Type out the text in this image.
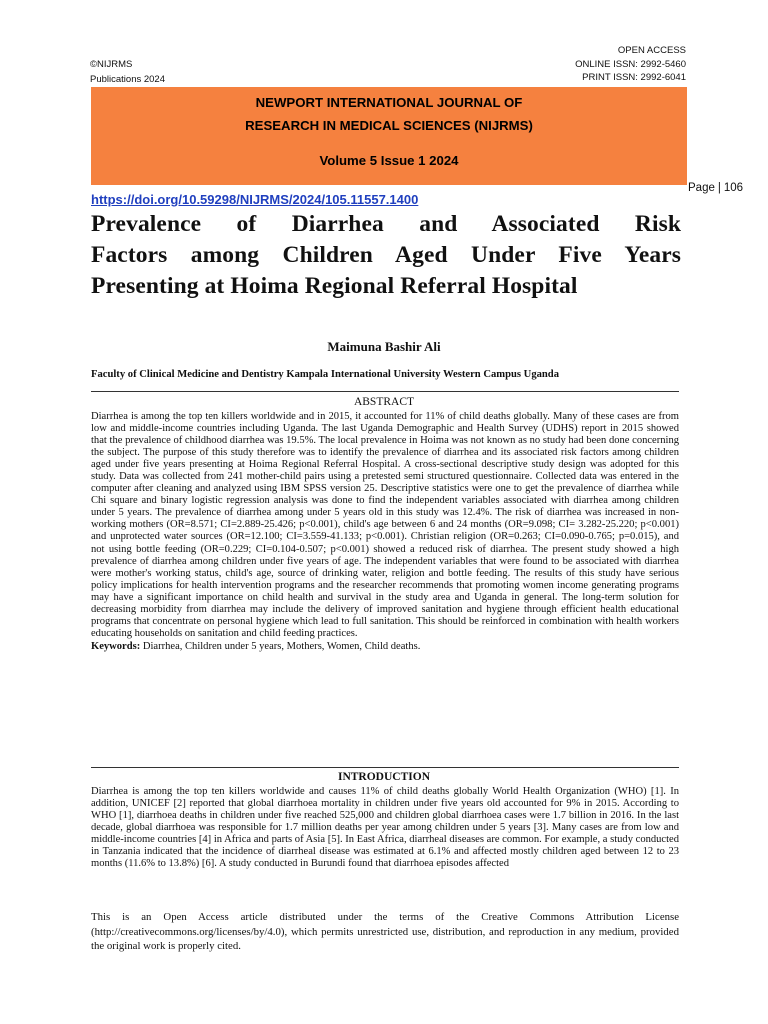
©NIJRMS
Publications 2024
OPEN ACCESS
ONLINE ISSN: 2992-5460
PRINT ISSN: 2992-6041
NEWPORT INTERNATIONAL JOURNAL OF
RESEARCH IN MEDICAL SCIENCES (NIJRMS)
Volume 5 Issue 1 2024
https://doi.org/10.59298/NIJRMS/2024/105.11557.1400
Page | 106
Prevalence of Diarrhea and Associated Risk
Factors among Children Aged Under Five Years
Presenting at Hoima Regional Referral Hospital
Maimuna Bashir Ali
Faculty of Clinical Medicine and Dentistry Kampala International University Western Campus Uganda
ABSTRACT
Diarrhea is among the top ten killers worldwide and in 2015, it accounted for 11% of child deaths globally. Many of these cases are from low and middle-income countries including Uganda. The last Uganda Demographic and Health Survey (UDHS) report in 2015 showed that the prevalence of childhood diarrhea was 19.5%. The local prevalence in Hoima was not known as no study had been done concerning the subject. The purpose of this study therefore was to identify the prevalence of diarrhea and its associated risk factors among children aged under five years presenting at Hoima Regional Referral Hospital. A cross-sectional descriptive study design was adopted for this study. Data was collected from 241 mother-child pairs using a pretested semi structured questionnaire. Collected data was entered in the computer after cleaning and analyzed using IBM SPSS version 25. Descriptive statistics were one to get the prevalence of diarrhea while Chi square and binary logistic regression analysis was done to find the independent variables associated with diarrhea among children under 5 years. The prevalence of diarrhea among under 5 years old in this study was 12.4%. The risk of diarrhea was increased in non-working mothers (OR=8.571; CI=2.889-25.426; p<0.001), child's age between 6 and 24 months (OR=9.098; CI= 3.282-25.220; p<0.001) and unprotected water sources (OR=12.100; CI=3.559-41.133; p<0.001). Christian religion (OR=0.263; CI=0.090-0.765; p=0.015), and not using bottle feeding (OR=0.229; CI=0.104-0.507; p<0.001) showed a reduced risk of diarrhea. The present study showed a high prevalence of diarrhea among children under five years of age. The independent variables that were found to be associated with diarrhea were mother's working status, child's age, source of drinking water, religion and bottle feeding. The results of this study have serious policy implications for health intervention programs and the researcher recommends that promoting women income generating programs may have a significant importance on child health and survival in the study area and Uganda in general. The long-term solution for decreasing morbidity from diarrhea may include the delivery of improved sanitation and hygiene through efficient health educational programs that concentrate on personal hygiene which lead to full sanitation. This should be reinforced in combination with health workers educating households on sanitation and child feeding practices.
Keywords: Diarrhea, Children under 5 years, Mothers, Women, Child deaths.
INTRODUCTION
Diarrhea is among the top ten killers worldwide and causes 11% of child deaths globally World Health Organization (WHO) [1]. In addition, UNICEF [2] reported that global diarrhoea mortality in children under five years old accounted for 9% in 2015. According to WHO [1], diarrhoea deaths in children under five reached 525,000 and children global diarrhoea cases were 1.7 billion in 2016. In the last decade, global diarrhoea was responsible for 1.7 million deaths per year among children under 5 years [3]. Many cases are from low and middle-income countries [4] in Africa and parts of Asia [5]. In East Africa, diarrheal diseases are common. For example, a study conducted in Tanzania indicated that the incidence of diarrheal disease was estimated at 6.1% and affected mostly children aged between 12 to 23 months (11.6% to 13.8%) [6]. A study conducted in Burundi found that diarrhoea episodes affected
This is an Open Access article distributed under the terms of the Creative Commons Attribution License (http://creativecommons.org/licenses/by/4.0), which permits unrestricted use, distribution, and reproduction in any medium, provided the original work is properly cited.
